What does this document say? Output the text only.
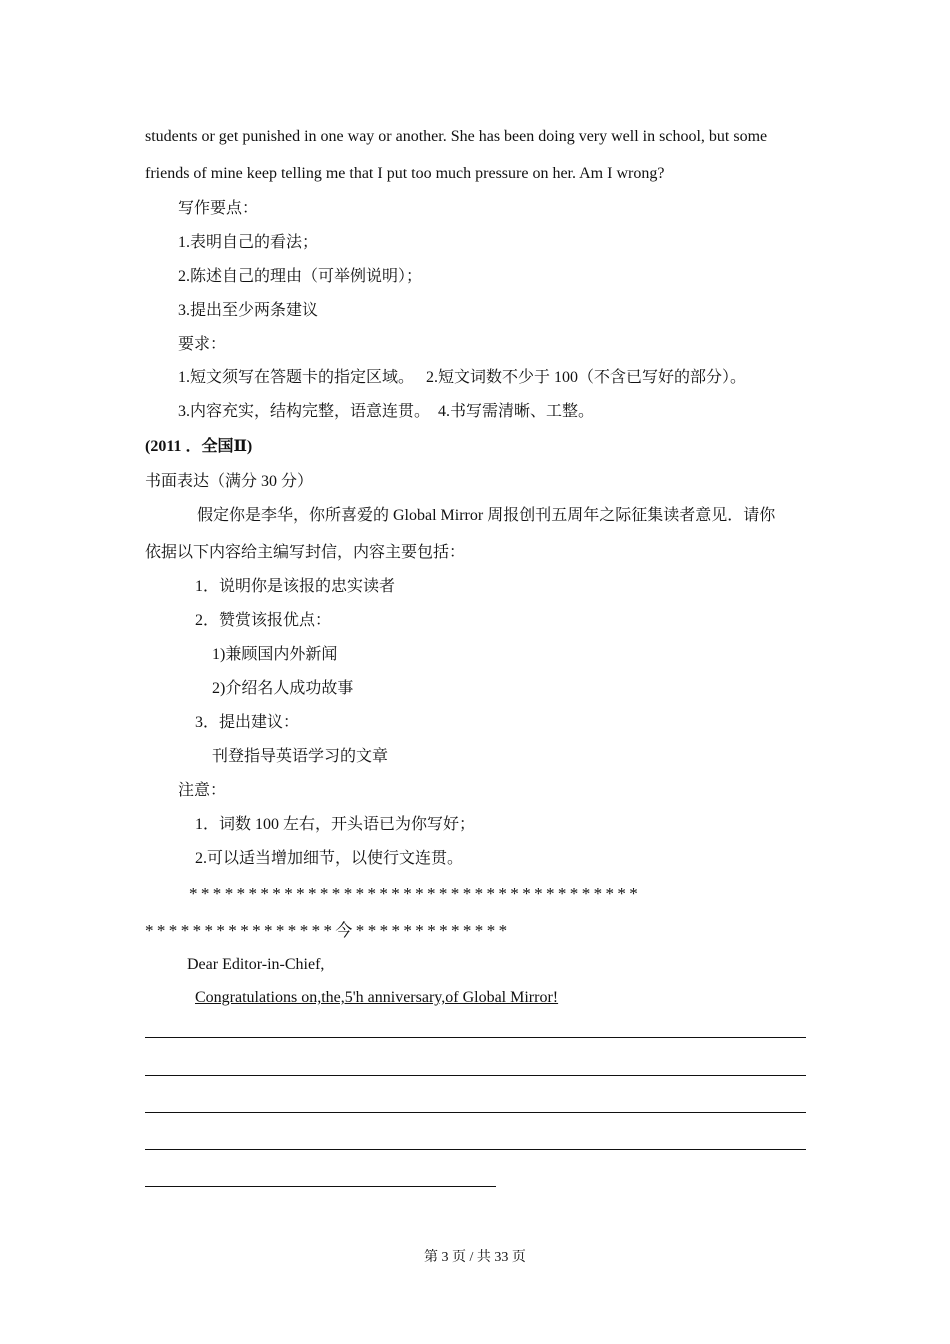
students or get punished in one way or another. She has been doing very well in school, but some
friends of mine keep telling me that I put too much pressure on her. Am I wrong?
写作要点：
1.表明自己的看法；
2.陈述自己的理由（可举例说明）；
3.提出至少两条建议
要求：
1.短文须写在答题卡的指定区域。   2.短文词数不少于 100（不含已写好的部分）。
3.内容充实，结构完整，语意连贯。  4.书写需清晰、工整。
(2011 ．全国Ⅱ)
书面表达（满分 30 分）
假定你是李华，你所喜爱的 Global Mirror 周报创刊五周年之际征集读者意见．请你
依据以下内容给主编写封信，内容主要包括：
1．说明你是该报的忠实读者
2．赞赏该报优点：
1)兼顾国内外新闻
2)介绍名人成功故事
3．提出建议：
刊登指导英语学习的文章
注意：
1．词数 100 左右，开头语已为你写好；
2.可以适当增加细节，以使行文连贯。
**************************************
****************今*************
Dear Editor-in-Chief,
Congratulations on,the,5'h anniversary,of Global Mirror!
第 3 页 / 共 33 页
